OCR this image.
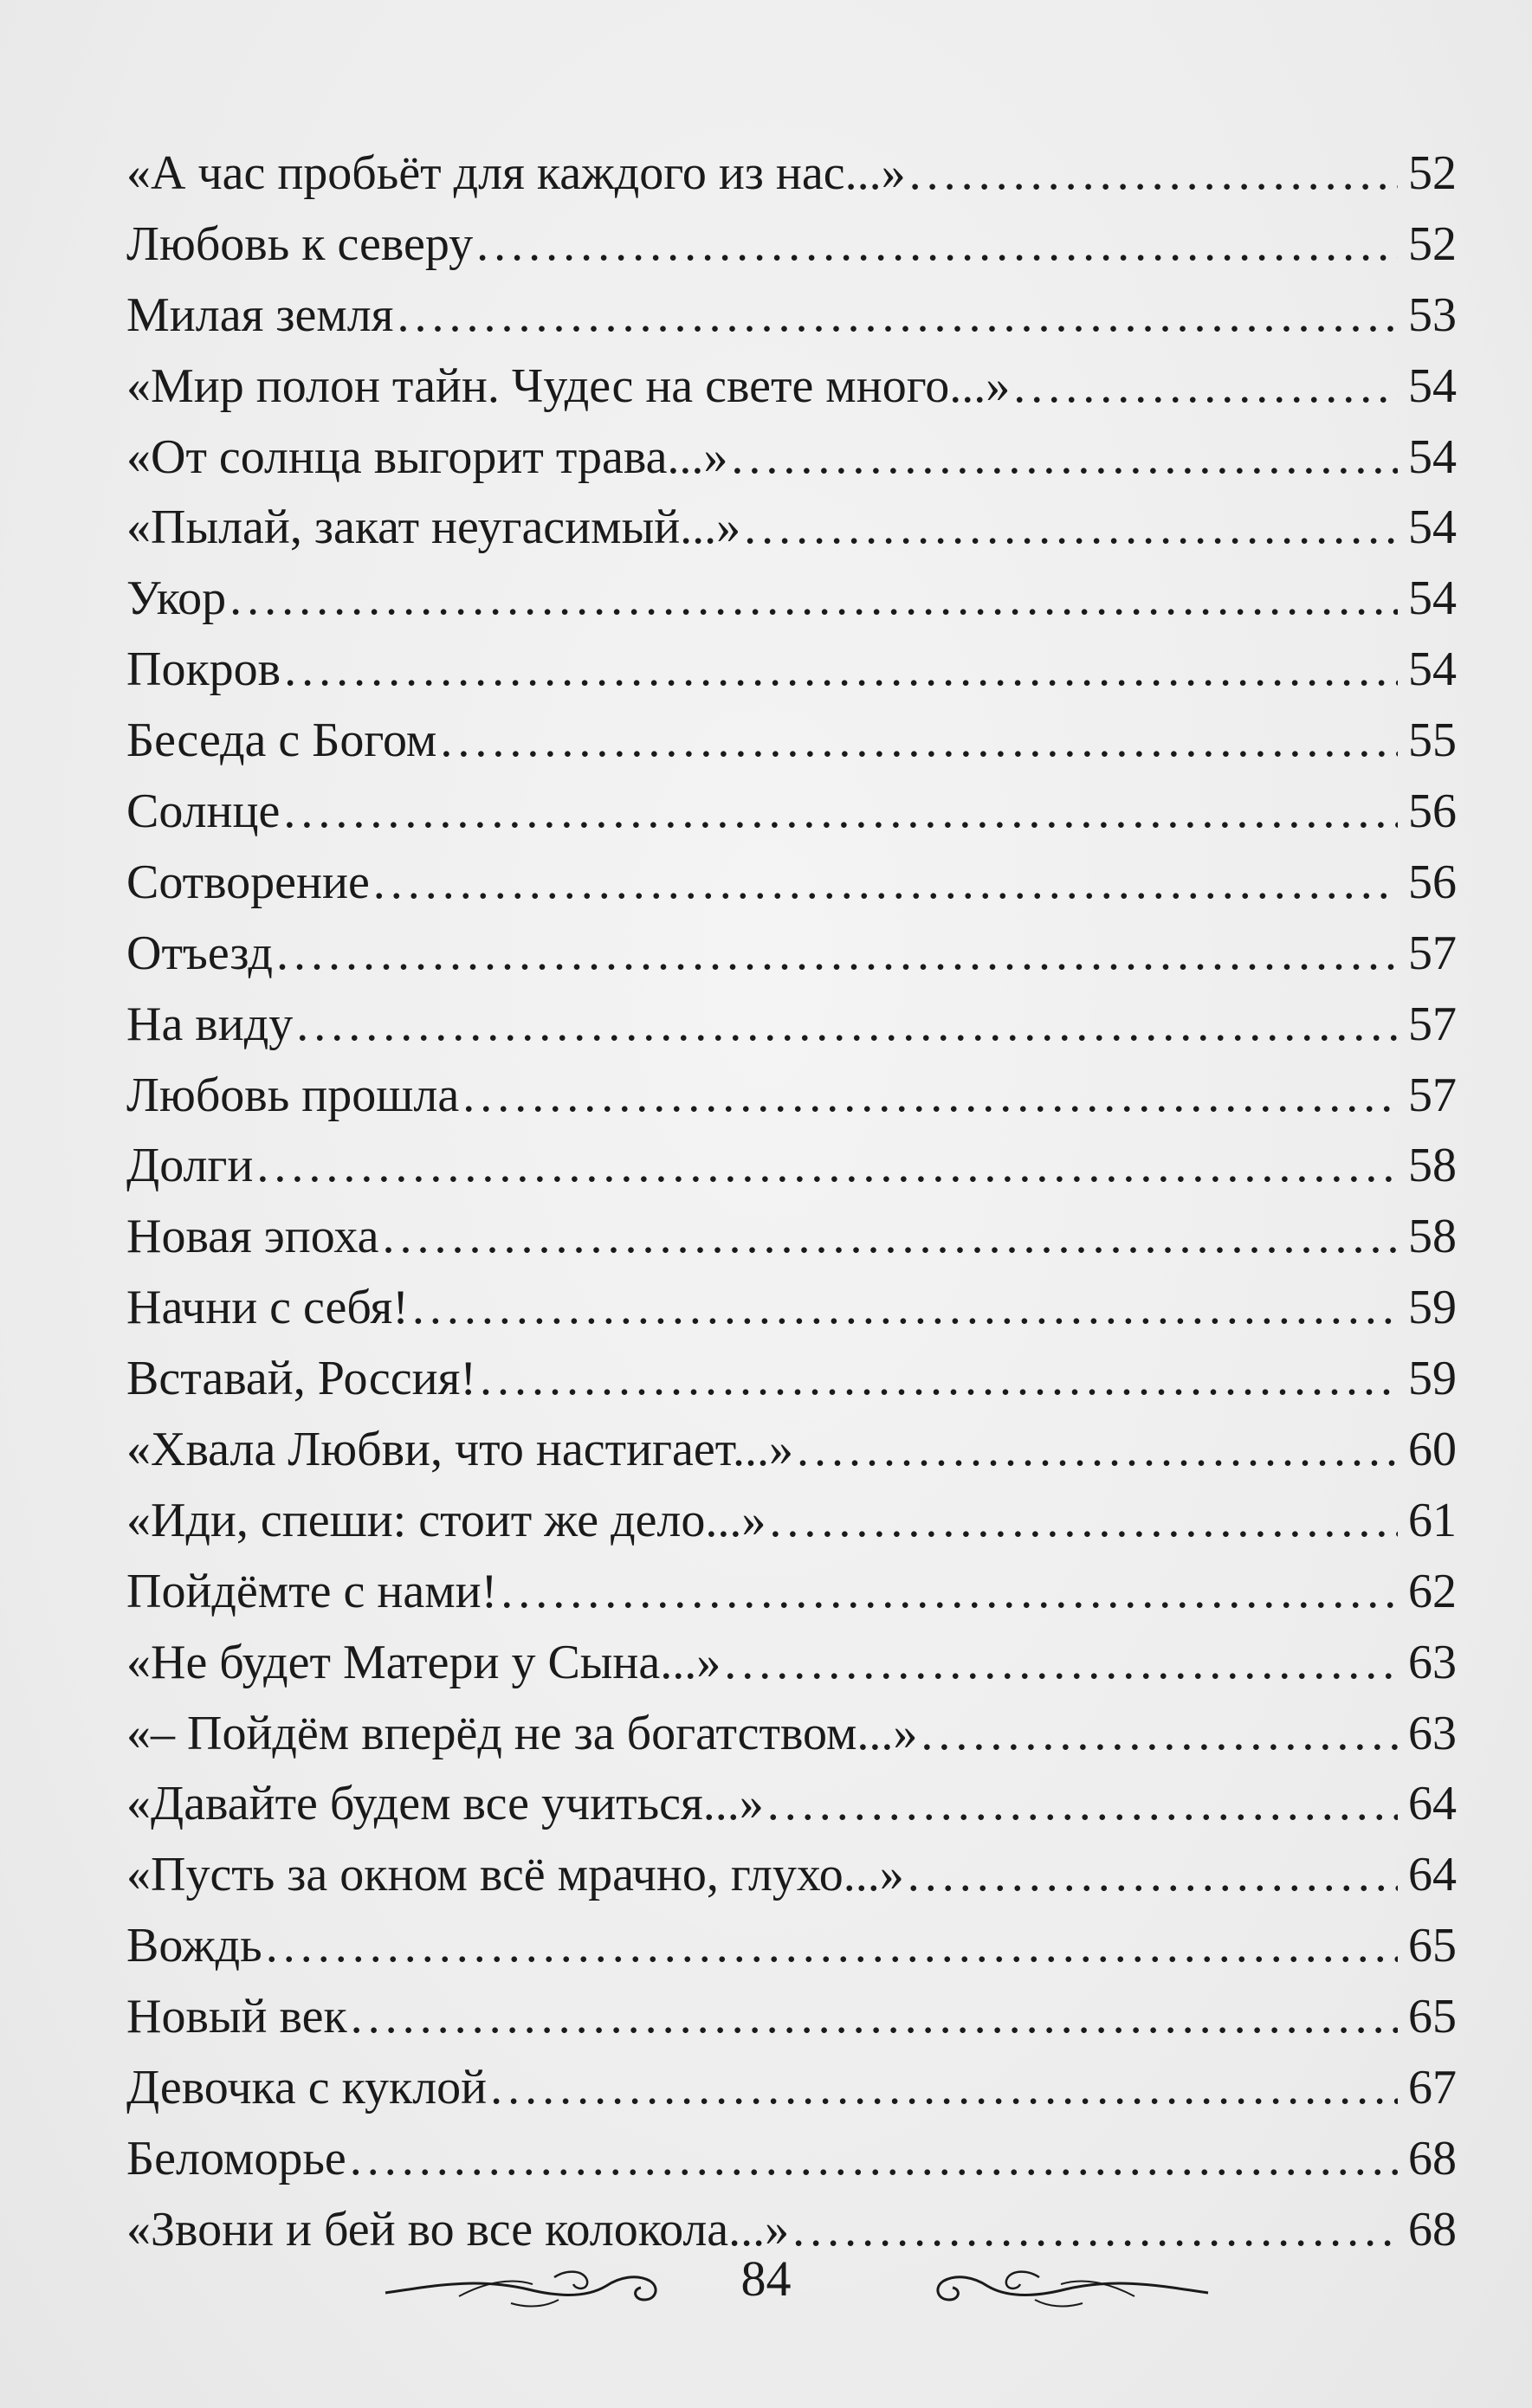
«А час пробьёт для каждого из нас...» . . .	52
Любовь к северу . . .	52
Милая земля . . .	53
«Мир полон тайн. Чудес на свете много...» . . .	54
«От солнца выгорит трава...» . . .	54
«Пылай, закат неугасимый...» . . .	54
Укор . . .	54
Покров . . .	54
Беседа с Богом . . .	55
Солнце . . .	56
Сотворение . . .	56
Отъезд . . .	57
На виду . . .	57
Любовь прошла . . .	57
Долги . . .	58
Новая эпоха . . .	58
Начни с себя! . . .	59
Вставай, Россия! . . .	59
«Хвала Любви, что настигает...» . . .	60
«Иди, спеши: стоит же дело...» . . .	61
Пойдёмте с нами! . . .	62
«Не будет Матери у Сына...» . . .	63
«– Пойдём вперёд не за богатством...» . . .	63
«Давайте будем все учиться...» . . .	64
«Пусть за окном всё мрачно, глухо...» . . .	64
Вождь . . .	65
Новый век . . .	65
Девочка с куклой . . .	67
Беломорье . . .	68
«Звони и бей во все колокола...» . . .	68
84
